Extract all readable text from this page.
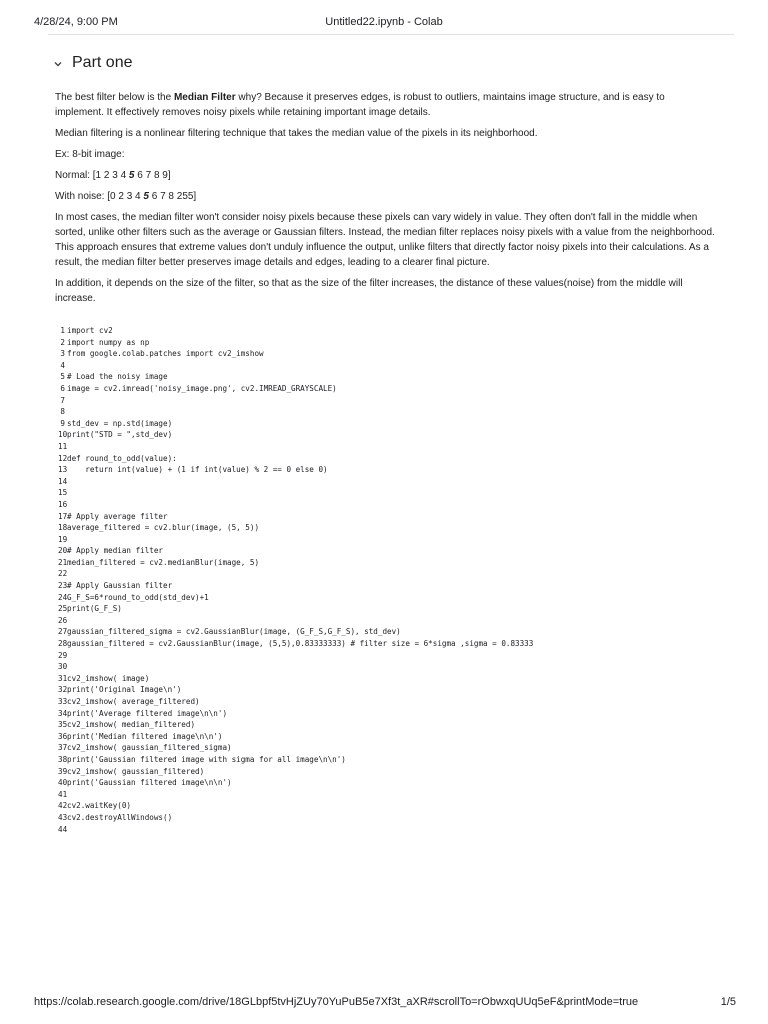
4/28/24, 9:00 PM	Untitled22.ipynb - Colab
Part one

The best filter below is the Median Filter why? Because it preserves edges, is robust to outliers, maintains image structure, and is easy to implement. It effectively removes noisy pixels while retaining important image details.

Median filtering is a nonlinear filtering technique that takes the median value of the pixels in its neighborhood.

Ex: 8-bit image:

Normal: [1 2 3 4 5 6 7 8 9]

With noise: [0 2 3 4 5 6 7 8 255]

In most cases, the median filter won't consider noisy pixels because these pixels can vary widely in value. They often don't fall in the middle when sorted, unlike other filters such as the average or Gaussian filters. Instead, the median filter replaces noisy pixels with a value from the neighborhood. This approach ensures that extreme values don't unduly influence the output, unlike filters that directly factor noisy pixels into their calculations. As a result, the median filter better preserves image details and edges, leading to a clearer final picture.

In addition, it depends on the size of the filter, so that as the size of the filter increases, the distance of these values(noise) from the middle will increase.

1 import cv2
2 import numpy as np
3 from google.colab.patches import cv2_imshow
4
5 # Load the noisy image
6 image = cv2.imread('noisy_image.png', cv2.IMREAD_GRAYSCALE)
7
8
9 std_dev = np.std(image)
10print("STD = ",std_dev)
11
12def round_to_odd(value):
13    return int(value) + (1 if int(value) % 2 == 0 else 0)
14
15
16
17# Apply average filter
18average_filtered = cv2.blur(image, (5, 5))
19
20# Apply median filter
21median_filtered = cv2.medianBlur(image, 5)
22
23# Apply Gaussian filter
24G_F_S=6*round_to_odd(std_dev)+1
25print(G_F_S)
26
27gaussian_filtered_sigma = cv2.GaussianBlur(image, (G_F_S,G_F_S), std_dev)
28gaussian_filtered = cv2.GaussianBlur(image, (5,5),0.83333333) # filter size = 6*sigma ,sigma = 0.83333
29
30
31cv2_imshow( image)
32print('Original Image\n')
33cv2_imshow( average_filtered)
34print('Average filtered image\n\n')
35cv2_imshow( median_filtered)
36print('Median filtered image\n\n')
37cv2_imshow( gaussian_filtered_sigma)
38print('Gaussian filtered image with sigma for all image\n\n')
39cv2_imshow( gaussian_filtered)
40print('Gaussian filtered image\n\n')
41
42cv2.waitKey(0)
43cv2.destroyAllWindows()
44
https://colab.research.google.com/drive/18GLbpf5tvHjZUy70YuPuB5e7Xf3t_aXR#scrollTo=rObwxqUUq5eF&printMode=true	1/5
